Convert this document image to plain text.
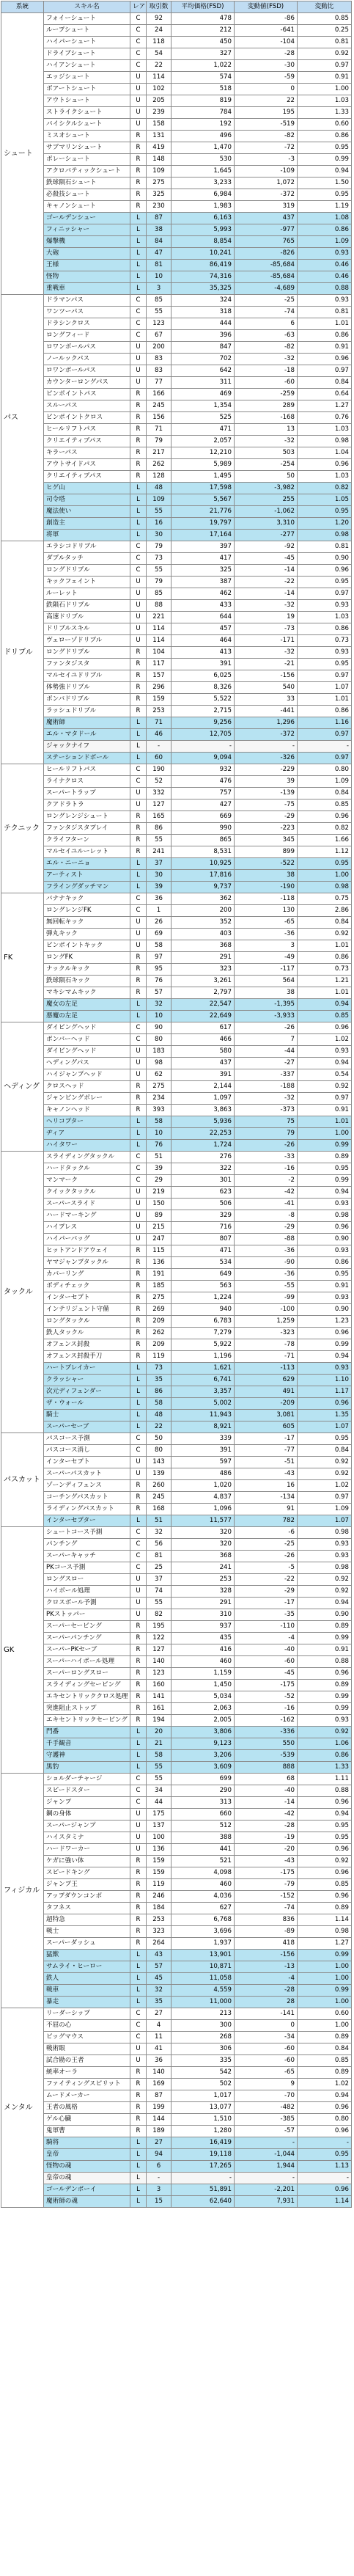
系統	スキル名	レア	取引数	平均価格(FSD)	変動値(FSD)	変動比
シュート	フォイーシュート	C	92	478	-86	0.85
	ループシュート	C	24	212	-641	0.25
	ハイパーシュート	C	118	450	-104	0.81
	ドライブシュート	C	54	327	-28	0.92
	ハイアンシュート	C	22	1,022	-30	0.97
	エッジシュート	U	114	574	-59	0.91
	ボアートシュート	U	102	518	0	1.00
	アウトシュート	U	205	819	22	1.03
	ストライクシュート	U	239	784	195	1.33
	バイシクルシュート	U	158	192	-519	0.60
	ミスオシュート	R	131	496	-82	0.86
	サブマリンシュート	R	419	1,470	-72	0.95
	ボレーシュート	R	148	530	-3	0.99
	アクロバティックシュート	R	109	1,645	-109	0.94
	鉄球隕石シュート	R	275	3,233	1,072	1.50
	必殺技シュート	R	325	6,984	-372	0.95
	キャノンシュート	R	230	1,983	319	1.19
	ゴールデンシュー	L	87	6,163	437	1.08
	フィニッシャー	L	38	5,993	-977	0.86
	爆撃機	L	84	8,854	765	1.09
	大砲	L	47	10,241	-826	0.93
	王様	L	81	86,419	-85,684	0.46
	怪物	L	10	74,316	-85,684	0.46
	重戦車	L	3	35,325	-4,689	0.88
パス	ドラマンパス	C	85	324	-25	0.93
	ワンツーパス	C	55	318	-74	0.81
	ドラシンクロス	C	123	444	6	1.01
	ロングフィード	C	67	396	-63	0.86
	ロワンボールパス	U	200	847	-82	0.91
	ノールックパス	U	83	702	-32	0.96
	ロワンボールパス	U	83	642	-18	0.97
	カウンターロングパス	U	77	311	-60	0.84
	ピンポイントパス	R	166	469	-259	0.64
	スルーパス	R	245	1,354	289	1.27
	ピンポイントクロス	R	156	525	-168	0.76
	ヒールリフトパス	R	71	471	13	1.03
	クリエイティブパス	R	79	2,057	-32	0.98
	キラーパス	R	217	12,210	503	1.04
	アウトサイドパス	R	262	5,989	-254	0.96
	クリエイティブパス	R	128	1,495	50	1.03
	ヒゲ山	L	48	17,598	-3,982	0.82
	司令塔	L	109	5,567	255	1.05
	魔法使い	L	55	21,776	-1,062	0.95
	創造主	L	16	19,797	3,310	1.20
	将軍	L	30	17,164	-277	0.98
ドリブル	エラシコドリブル	C	79	397	-92	0.81
	ダブルタッチ	C	73	417	-45	0.90
	ロングドリブル	C	55	325	-14	0.96
	キックフェイント	U	79	387	-22	0.95
	ルーレット	U	85	462	-14	0.97
	鉄隕石ドリブル	U	88	433	-32	0.93
	高速ドリブル	U	221	644	19	1.03
	ドリブルスキル	U	114	457	-73	0.86
	ヴェローゾドリブル	U	114	464	-171	0.73
	ロングドリブル	R	104	413	-32	0.93
	ファンタジスタ	R	117	391	-21	0.95
	マルセイユドリブル	R	157	6,025	-156	0.97
	体勢強ドリブル	R	296	8,326	540	1.07
	ボンバドリブル	R	159	5,522	33	1.01
	ラッシュドリブル	R	253	2,715	-441	0.86
	魔術師	L	71	9,256	1,296	1.16
	エル・マタドール	L	46	12,705	-372	0.97
	ジャックナイフ	L	-	-	-	-
	ステーションドボール	L	60	9,094	-326	0.97
テクニック	ヒールリフトパス	C	190	932	-229	0.80
	ライナクロス	C	52	476	39	1.09
	スーパートラップ	U	332	757	-139	0.84
	クアドラトラ	U	127	427	-75	0.85
	ロングレンジシュート	R	165	669	-29	0.96
	ファンタジスタプレイ	R	86	990	-223	0.82
	クライフターン	R	55	865	345	1.66
	マルセイユルーレット	R	241	8,531	899	1.12
	エル・ニーニョ	L	37	10,925	-522	0.95
	アーティスト	L	30	17,816	38	1.00
	フライングダッチマン	L	39	9,737	-190	0.98
FK	バナナキック	C	36	362	-118	0.75
	ロングレンジFK	C	1	200	130	2.86
	無回転キック	U	26	352	-65	0.84
	弾丸キック	U	69	403	-36	0.92
	ピンポイントキック	U	58	368	3	1.01
	ロングFK	R	97	291	-49	0.86
	ナックルキック	R	95	323	-117	0.73
	鉄球隕石キック	R	76	3,261	564	1.21
	マキシマムキック	R	57	2,797	38	1.01
	魔女の左足	L	32	22,547	-1,395	0.94
	悪魔の左足	L	10	22,649	-3,933	0.85
ヘディング	ダイビングヘッド	C	90	617	-26	0.96
	ボンバーヘッド	C	80	466	7	1.02
	ダイビングヘッド	U	183	580	-44	0.93
	ヘディングパス	U	98	437	-27	0.94
	ハイジャンプヘッド	U	62	391	-337	0.54
	クロスヘッド	R	275	2,144	-188	0.92
	ジャンピングボレー	R	234	1,097	-32	0.97
	キャノンヘッド	R	393	3,863	-373	0.91
	ヘリコプター	L	58	5,936	75	1.01
	ヂィア	L	10	22,253	79	1.00
	ハイタワー	L	76	1,724	-26	0.99
タックル	スライディングタックル	C	51	276	-33	0.89
	ハードタックル	C	39	322	-16	0.95
	マンマーク	C	29	301	-2	0.99
	クイックタックル	U	219	623	-42	0.94
	スーパースライド	U	150	506	-41	0.93
	ハードマーキング	U	89	329	-8	0.98
	ハイプレス	U	215	716	-29	0.96
	ハイパーバッグ	U	247	807	-88	0.90
	ヒットアンドアウェイ	R	115	471	-36	0.93
	ヤマジャンプタックル	R	136	534	-90	0.86
	カバーリング	R	191	649	-36	0.95
	ボディチェック	R	185	563	-55	0.91
	インターセプト	R	275	1,224	-99	0.93
	インテリジェント守備	R	269	940	-100	0.90
	ロングタックル	R	209	6,783	1,259	1.23
	鉄人タックル	R	262	7,279	-323	0.96
	オフェンス封殺	R	209	5,922	-78	0.99
	オフェンス封殺手刀	R	119	1,196	-71	0.94
	ハートブレイカー	L	73	1,621	-113	0.93
	クラッシャー	L	35	6,741	629	1.10
	次元ディフェンダー	L	86	3,357	491	1.17
	ザ・ウォール	L	58	5,002	-209	0.96
	騎士	L	48	11,943	3,081	1.35
	スーパーセーブ	L	22	8,921	605	1.07
パスカット	パスコース予測	C	50	339	-17	0.95
	パスコース消し	C	80	391	-77	0.84
	インターセプト	U	143	597	-51	0.92
	スーパーパスカット	U	139	486	-43	0.92
	ゾーンディフェンス	R	260	1,020	16	1.02
	コーチングパスカット	R	245	4,837	-134	0.97
	ライディングパスカット	R	168	1,096	91	1.09
	インターセプター	L	51	11,577	782	1.07
GK	シュートコース予測	C	32	320	-6	0.98
	パンチング	C	56	320	-25	0.93
	スーパーキャッチ	C	81	368	-26	0.93
	PKコース予測	C	25	241	-5	0.98
	ロングスロー	U	37	253	-22	0.92
	ハイボール処理	U	74	328	-29	0.92
	クロスボール予測	U	55	291	-17	0.94
	PKストッパー	U	82	310	-35	0.90
	スーパーセービング	R	195	937	-110	0.89
	スーパーパンチング	R	122	435	-4	0.99
	スーパーPKセーブ	R	127	416	-40	0.91
	スーパーハイボール処理	R	140	460	-60	0.88
	スーパーロングスロー	R	123	1,159	-45	0.96
	スライディングセービング	R	160	1,450	-175	0.89
	エキセントリッククロス処理	R	141	5,034	-52	0.99
	突進阻止ストップ	R	161	2,063	-16	0.99
	エキセントリックセービング	R	194	2,005	-162	0.93
	門番	L	20	3,806	-336	0.92
	千手観音	L	21	9,123	550	1.06
	守護神	L	58	3,206	-539	0.86
	黒豹	L	55	3,609	888	1.33
フィジカル	ショルダーチャージ	C	55	699	68	1.11
	スピードスター	C	34	290	-40	0.88
	ジャンプ	C	44	313	-14	0.96
	鋼の身体	U	175	660	-42	0.94
	スーパージャンプ	U	137	512	-28	0.95
	ハイスタミナ	U	100	388	-19	0.95
	ハードワーカー	U	136	441	-20	0.96
	ケガに強い体	R	159	521	-43	0.92
	スピードキング	R	159	4,098	-175	0.96
	ジャンプ王	R	119	460	-79	0.85
	アップダウンコンボ	R	246	4,036	-152	0.96
	タフネス	R	184	627	-74	0.89
	超特急	R	253	6,768	836	1.14
	戦士	R	323	3,696	-89	0.98
	スーパーダッシュ	R	264	1,937	418	1.27
	猛獣	L	43	13,901	-156	0.99
	サムライ・ヒーロー	L	57	10,871	-13	1.00
	鉄人	L	45	11,058	-4	1.00
	戦車	L	32	4,559	-28	0.99
	暴走	L	35	11,000	28	1.00
メンタル	リーダーシップ	C	27	213	-141	0.60
	不屈の心	C	4	300	0	1.00
	ビッグマウス	C	11	268	-34	0.89
	戦術眼	U	41	306	-60	0.84
	試合勘の王者	U	36	335	-60	0.85
	統率オーラ	R	140	542	-65	0.89
	ファイティングスピリット	R	169	502	9	1.02
	ムードメーカー	R	87	1,017	-70	0.94
	王者の風格	R	199	13,077	-482	0.96
	ゲル心臓	R	144	1,510	-385	0.80
	鬼軍曹	R	189	1,280	-57	0.96
	騎将	L	27	16,419	-	-
	皇帝	L	94	19,118	-1,044	0.95
	怪物の魂	L	6	17,265	1,944	1.13
	皇帝の魂	L	-	-	-	-
	ゴールデンボーイ	L	3	51,891	-2,201	0.96
	魔術師の魂	L	15	62,640	7,931	1.14
